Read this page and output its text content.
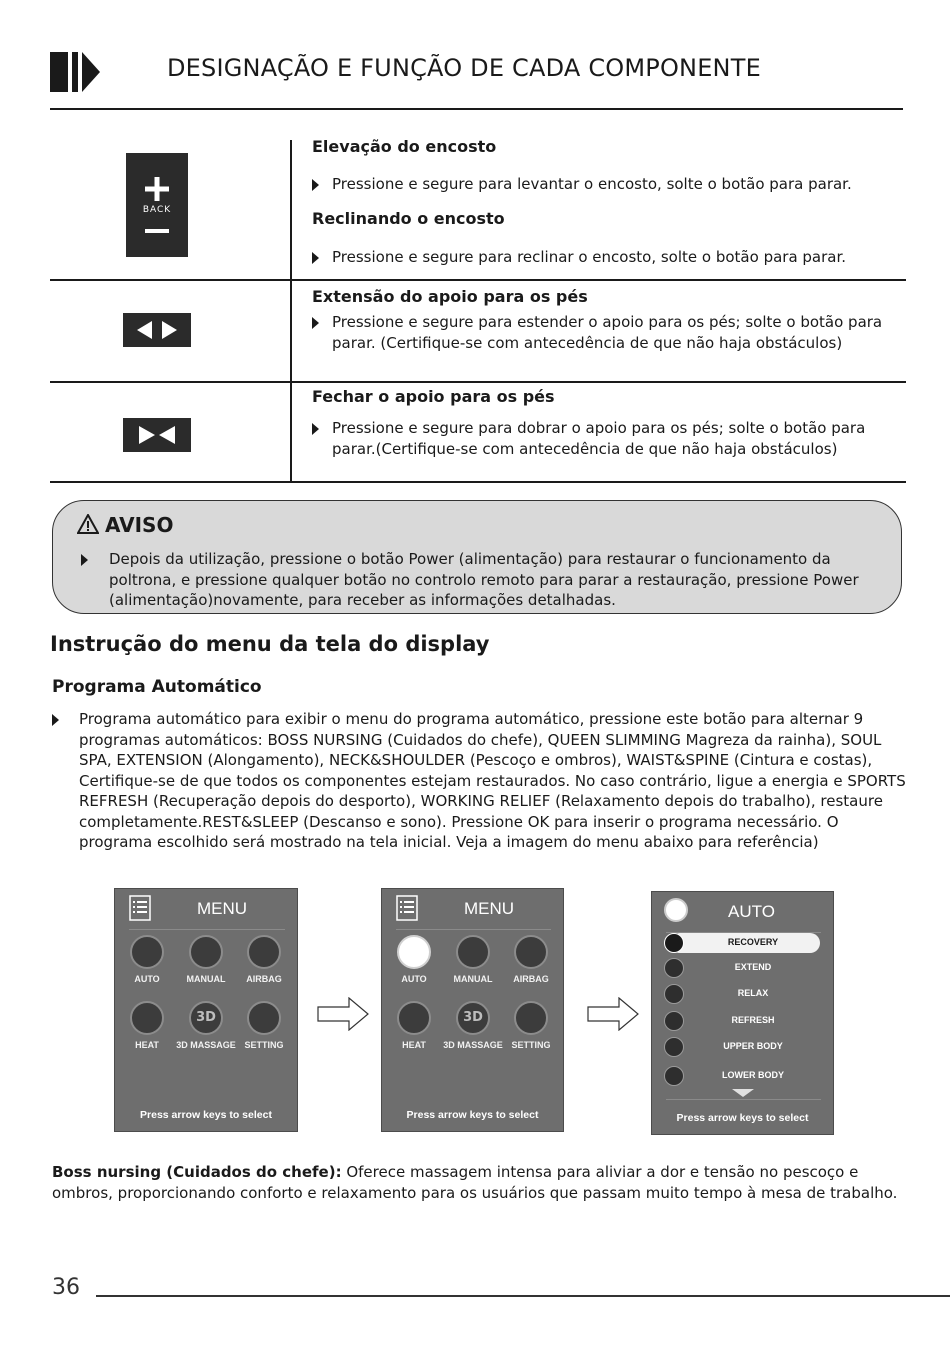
DESIGNAÇÃO E FUNÇÃO DE CADA COMPONENTE
BACK
Elevação do encosto
Pressione e segure para levantar o encosto, solte o botão para parar.
Reclinando o encosto
Pressione e segure para reclinar o encosto, solte o botão para parar.
Extensão do apoio para os pés
Pressione e segure para estender o apoio para os pés; solte o botão para parar. (Certifique-se com antecedência de que não haja obstáculos)
Fechar o apoio para os pés
Pressione e segure para dobrar o apoio para os pés; solte o botão para parar.(Certifique-se com antecedência de que não haja obstáculos)
AVISO
Depois da utilização, pressione o botão Power (alimentação) para restaurar o funcionamento da poltrona, e pressione qualquer botão no controlo remoto para parar a restauração, pressione Power (alimentação)novamente, para receber as informações detalhadas.
Instrução do menu da tela do display
Programa Automático
Programa automático para exibir o menu do programa automático, pressione este botão para alternar 9 programas automáticos: BOSS NURSING (Cuidados do chefe), QUEEN SLIMMING Magreza da rainha), SOUL SPA, EXTENSION (Alongamento), NECK&SHOULDER (Pescoço e ombros), WAIST&SPINE (Cintura e costas), Certifique-se de que todos os componentes estejam restaurados. No caso contrário, ligue a energia e SPORTS REFRESH (Recuperação depois do desporto), WORKING RELIEF (Relaxamento depois do trabalho), restaure completamente.REST&SLEEP (Descanso e sono). Pressione OK para inserir o programa necessário. O programa escolhido será mostrado na tela inicial. Veja a imagem do menu abaixo para referência)
MENU
AUTO	MANUAL	AIRBAG
HEAT
3D
3D MASSAGE SETTING
Press arrow keys to select
MENU
AUTO	MANUAL	AIRBAG
HEAT
3D
3D MASSAGE SETTING
Press arrow keys to select
AUTO
RECOVERY
EXTEND
RELAX
REFRESH
UPPER BODY
LOWER BODY
Press arrow keys to select
Boss nursing (Cuidados do chefe): Oferece massagem intensa para aliviar a dor e tensão no pescoço e ombros, proporcionando conforto e relaxamento para os usuários que passam muito tempo à mesa de trabalho.
36
